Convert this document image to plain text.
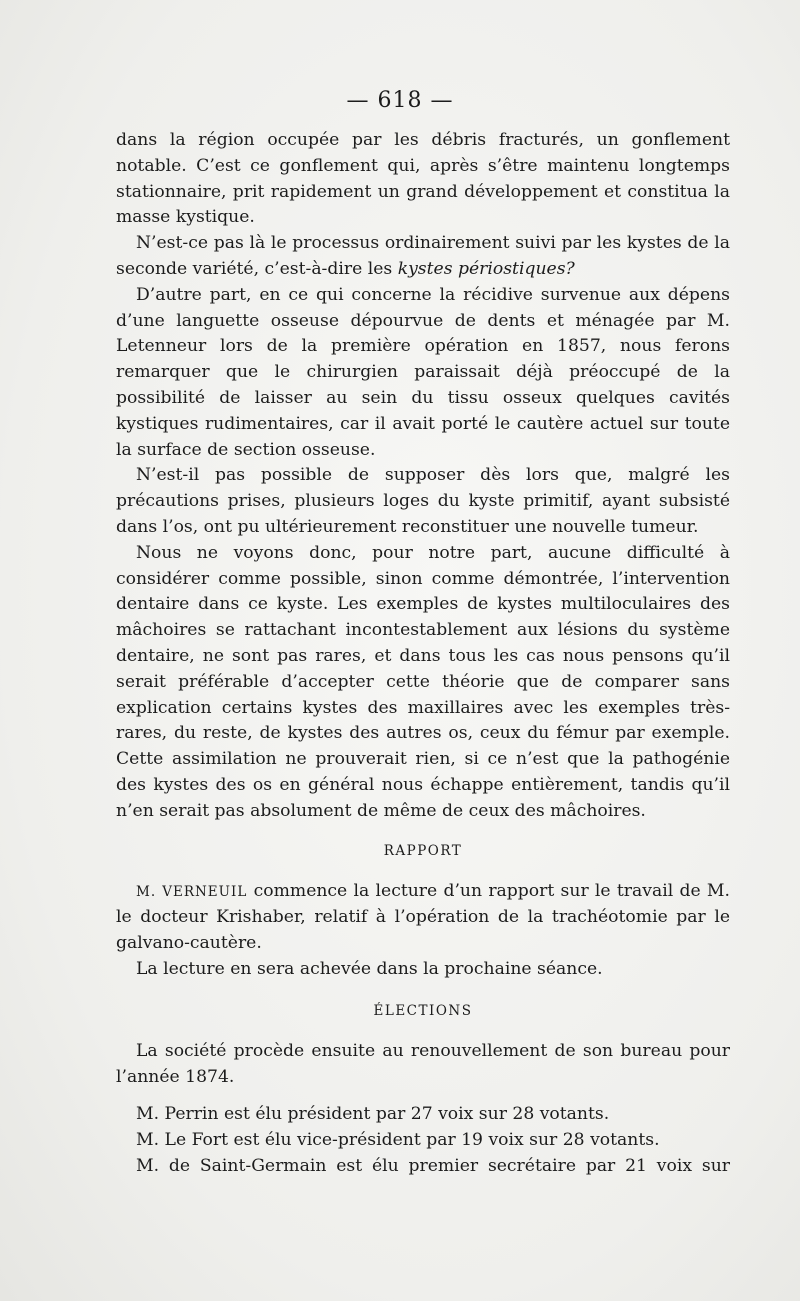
— 618 —

dans la région occupée par les débris fracturés, un gonflement notable. C’est ce gonflement qui, après s’être maintenu longtemps stationnaire, prit rapidement un grand développement et constitua la masse kystique.

N’est-ce pas là le processus ordinairement suivi par les kystes de la seconde variété, c’est-à-dire les kystes périostiques?

D’autre part, en ce qui concerne la récidive survenue aux dépens d’une languette osseuse dépourvue de dents et ménagée par M. Letenneur lors de la première opération en 1857, nous ferons remarquer que le chirurgien paraissait déjà préoccupé de la possibilité de laisser au sein du tissu osseux quelques cavités kystiques rudimentaires, car il avait porté le cautère actuel sur toute la surface de section osseuse.

N’est-il pas possible de supposer dès lors que, malgré les précautions prises, plusieurs loges du kyste primitif, ayant subsisté dans l’os, ont pu ultérieurement reconstituer une nouvelle tumeur.

Nous ne voyons donc, pour notre part, aucune difficulté à considérer comme possible, sinon comme démontrée, l’intervention dentaire dans ce kyste. Les exemples de kystes multiloculaires des mâchoires se rattachant incontestablement aux lésions du système dentaire, ne sont pas rares, et dans tous les cas nous pensons qu’il serait préférable d’accepter cette théorie que de comparer sans explication certains kystes des maxillaires avec les exemples très-rares, du reste, de kystes des autres os, ceux du fémur par exemple. Cette assimilation ne prouverait rien, si ce n’est que la pathogénie des kystes des os en général nous échappe entièrement, tandis qu’il n’en serait pas absolument de même de ceux des mâchoires.

RAPPORT

M. VERNEUIL commence la lecture d’un rapport sur le travail de M. le docteur Krishaber, relatif à l’opération de la trachéotomie par le galvano-cautère.

La lecture en sera achevée dans la prochaine séance.

ÉLECTIONS

La société procède ensuite au renouvellement de son bureau pour l’année 1874.

M. Perrin est élu président par 27 voix sur 28 votants.

M. Le Fort est élu vice-président par 19 voix sur 28 votants.

M. de Saint-Germain est élu premier secrétaire par 21 voix sur
